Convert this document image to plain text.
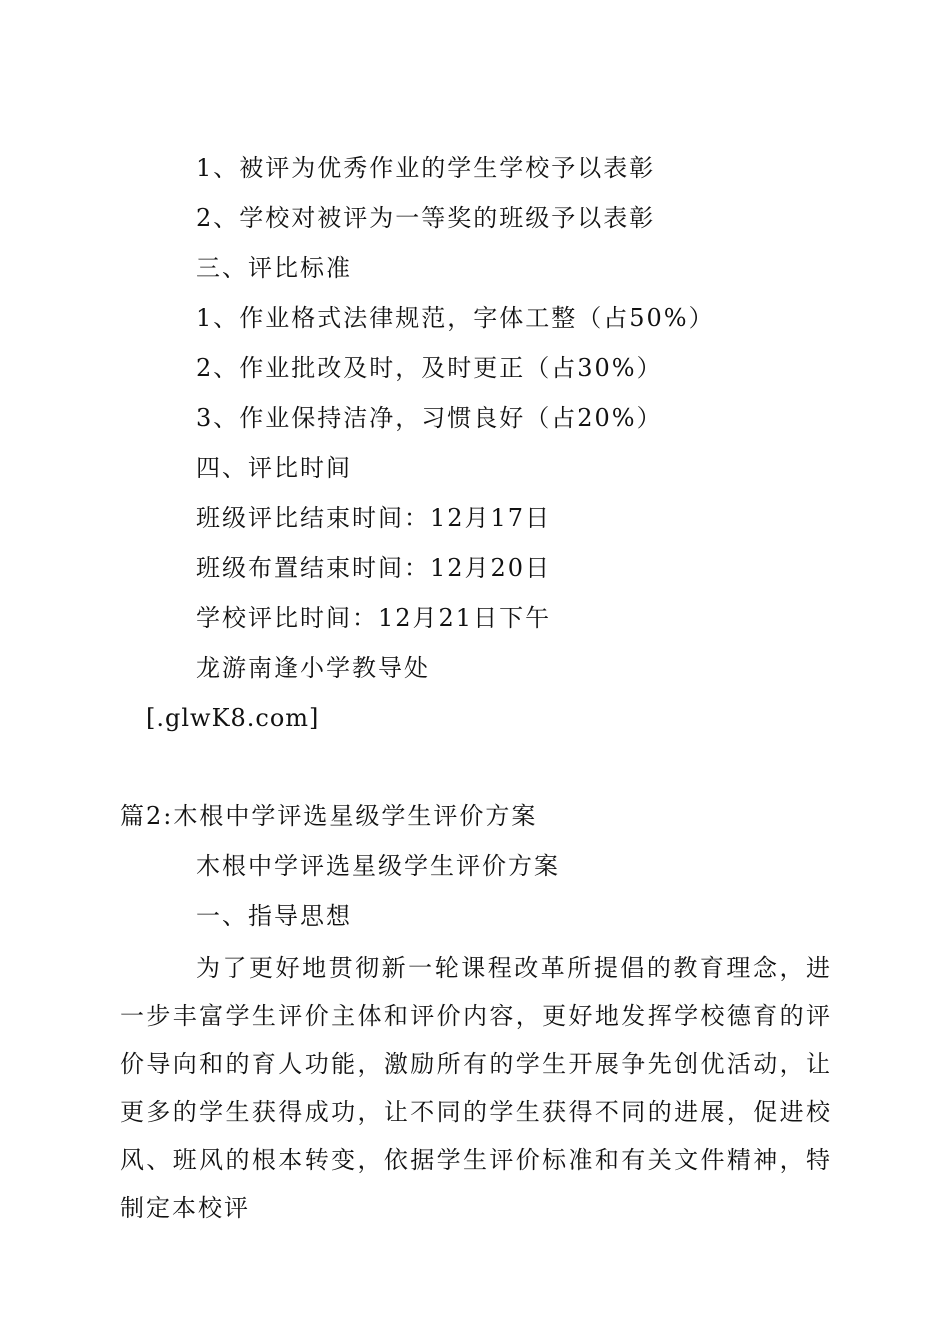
1、被评为优秀作业的学生学校予以表彰
2、学校对被评为一等奖的班级予以表彰
三、评比标准
1、作业格式法律规范，字体工整（占50%）
2、作业批改及时，及时更正（占30%）
3、作业保持洁净，习惯良好（占20%）
四、评比时间
班级评比结束时间：12月17日
班级布置结束时间：12月20日
学校评比时间：12月21日下午
龙游南逢小学教导处
[.glwK8.com]
篇2:木根中学评选星级学生评价方案
木根中学评选星级学生评价方案
一、指导思想
为了更好地贯彻新一轮课程改革所提倡的教育理念，进一步丰富学生评价主体和评价内容，更好地发挥学校德育的评价导向和的育人功能，激励所有的学生开展争先创优活动，让更多的学生获得成功，让不同的学生获得不同的进展，促进校风、班风的根本转变，依据学生评价标准和有关文件精神，特制定本校评
